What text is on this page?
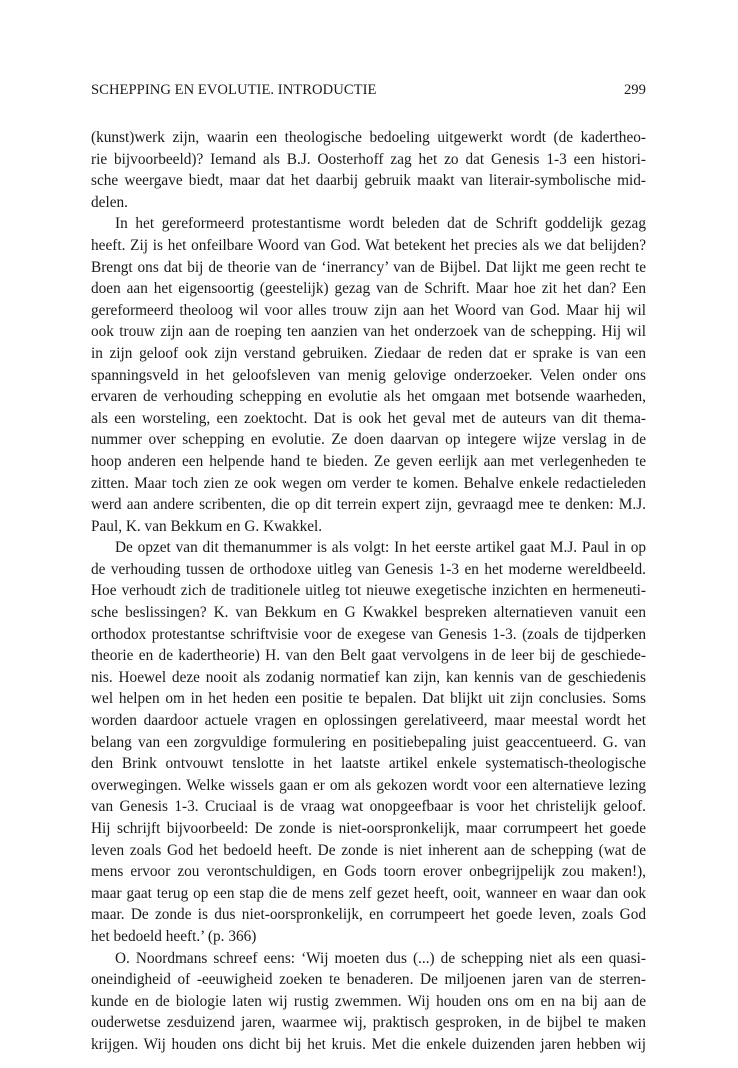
SCHEPPING EN EVOLUTIE. INTRODUCTIE	299
(kunst)werk zijn, waarin een theologische bedoeling uitgewerkt wordt (de kadertheo-
rie bijvoorbeeld)? Iemand als B.J. Oosterhoff zag het zo dat Genesis 1-3 een histori-
sche weergave biedt, maar dat het daarbij gebruik maakt van literair-symbolische mid-
delen.
In het gereformeerd protestantisme wordt beleden dat de Schrift goddelijk gezag
heeft. Zij is het onfeilbare Woord van God. Wat betekent het precies als we dat belijden?
Brengt ons dat bij de theorie van de ‘inerrancy’ van de Bijbel. Dat lijkt me geen recht te
doen aan het eigensoortig (geestelijk) gezag van de Schrift. Maar hoe zit het dan? Een
gereformeerd theoloog wil voor alles trouw zijn aan het Woord van God. Maar hij wil
ook trouw zijn aan de roeping ten aanzien van het onderzoek van de schepping. Hij wil
in zijn geloof ook zijn verstand gebruiken. Ziedaar de reden dat er sprake is van een
spanningsveld in het geloofsleven van menig gelovige onderzoeker. Velen onder ons
ervaren de verhouding schepping en evolutie als het omgaan met botsende waarheden,
als een worsteling, een zoektocht. Dat is ook het geval met de auteurs van dit thema-
nummer over schepping en evolutie. Ze doen daarvan op integere wijze verslag in de
hoop anderen een helpende hand te bieden. Ze geven eerlijk aan met verlegenheden te
zitten. Maar toch zien ze ook wegen om verder te komen. Behalve enkele redactieleden
werd aan andere scribenten, die op dit terrein expert zijn, gevraagd mee te denken: M.J.
Paul, K. van Bekkum en G. Kwakkel.
De opzet van dit themanummer is als volgt: In het eerste artikel gaat M.J. Paul in op
de verhouding tussen de orthodoxe uitleg van Genesis 1-3 en het moderne wereldbeeld.
Hoe verhoudt zich de traditionele uitleg tot nieuwe exegetische inzichten en hermeneuti-
sche beslissingen? K. van Bekkum en G Kwakkel bespreken alternatieven vanuit een
orthodox protestantse schriftvisie voor de exegese van Genesis 1-3. (zoals de tijdperken
theorie en de kadertheorie) H. van den Belt gaat vervolgens in de leer bij de geschiede-
nis. Hoewel deze nooit als zodanig normatief kan zijn, kan kennis van de geschiedenis
wel helpen om in het heden een positie te bepalen. Dat blijkt uit zijn conclusies. Soms
worden daardoor actuele vragen en oplossingen gerelativeerd, maar meestal wordt het
belang van een zorgvuldige formulering en positiebepaling juist geaccentueerd. G. van
den Brink ontvouwt tenslotte in het laatste artikel enkele systematisch-theologische
overwegingen. Welke wissels gaan er om als gekozen wordt voor een alternatieve lezing
van Genesis 1-3. Cruciaal is de vraag wat onopgeefbaar is voor het christelijk geloof.
Hij schrijft bijvoorbeeld: De zonde is niet-oorspronkelijk, maar corrumpeert het goede
leven zoals God het bedoeld heeft. De zonde is niet inherent aan de schepping (wat de
mens ervoor zou verontschuldigen, en Gods toorn erover onbegrijpelijk zou maken!),
maar gaat terug op een stap die de mens zelf gezet heeft, ooit, wanneer en waar dan ook
maar. De zonde is dus niet-oorspronkelijk, en corrumpeert het goede leven, zoals God
het bedoeld heeft.’ (p. 366)
O. Noordmans schreef eens: ‘Wij moeten dus (...) de schepping niet als een quasi-
oneindigheid of -eeuwigheid zoeken te benaderen. De miljoenen jaren van de sterren-
kunde en de biologie laten wij rustig zwemmen. Wij houden ons om en na bij aan de
ouderwetse zesduizend jaren, waarmee wij, praktisch gesproken, in de bijbel te maken
krijgen. Wij houden ons dicht bij het kruis. Met die enkele duizenden jaren hebben wij
